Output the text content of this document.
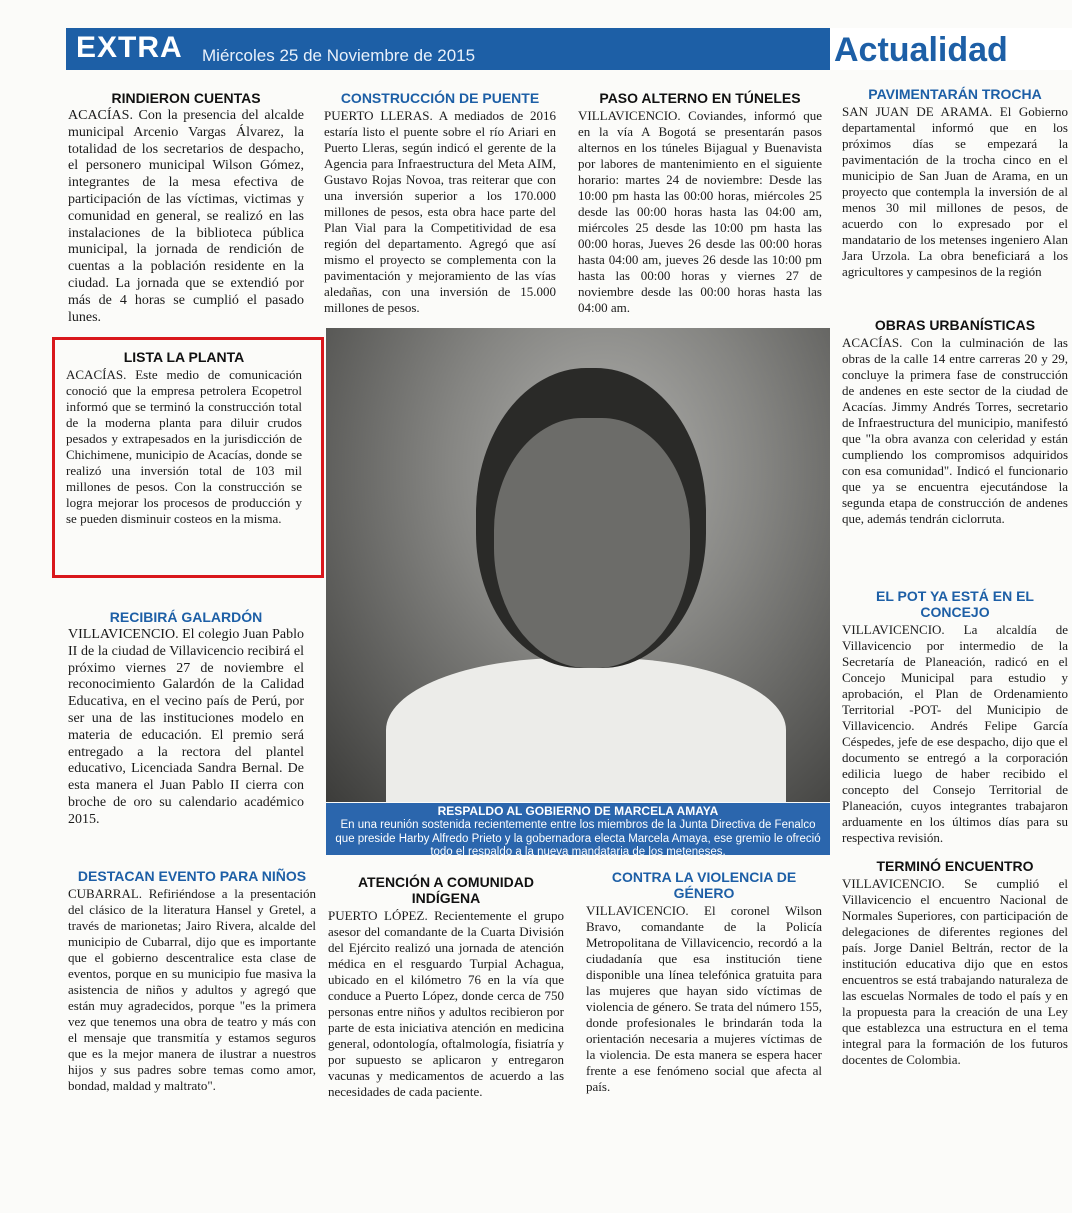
EXTRA Miércoles 25 de Noviembre de 2015	Actualidad
RINDIERON CUENTAS

ACACÍAS. Con la presencia del alcalde municipal Arcenio Vargas Álvarez, la totalidad de los secretarios de despacho, el personero municipal Wilson Gómez, integrantes de la mesa efectiva de participación de las víctimas, victimas y comunidad en general, se realizó en las instalaciones de la biblioteca pública municipal, la jornada de rendición de cuentas a la población residente en la ciudad. La jornada que se extendió por más de 4 horas se cumplió el pasado lunes.

LISTA LA PLANTA

ACACÍAS. Este medio de comunicación conoció que la empresa petrolera Ecopetrol informó que se terminó la construcción total de la moderna planta para diluir crudos pesados y extrapesados en la jurisdicción de Chichimene, municipio de Acacías, donde se realizó una inversión total de 103 mil millones de pesos. Con la construcción se logra mejorar los procesos de producción y se pueden disminuir costeos en la misma.

RECIBIRÁ GALARDÓN

VILLAVICENCIO. El colegio Juan Pablo II de la ciudad de Villavicencio recibirá el próximo viernes 27 de noviembre el reconocimiento Galardón de la Calidad Educativa, en el vecino país de Perú, por ser una de las instituciones modelo en materia de educación. El premio será entregado a la rectora del plantel educativo, Licenciada Sandra Bernal. De esta manera el Juan Pablo II cierra con broche de oro su calendario académico 2015.

DESTACAN EVENTO PARA NIÑOS

CUBARRAL. Refiriéndose a la presentación del clásico de la literatura Hansel y Gretel, a través de marionetas; Jairo Rivera, alcalde del municipio de Cubarral, dijo que es importante que el gobierno descentralice esta clase de eventos, porque en su municipio fue masiva la asistencia de niños y adultos y agregó que están muy agradecidos, porque "es la primera vez que tenemos una obra de teatro y más con el mensaje que transmitía y estamos seguros que es la mejor manera de ilustrar a nuestros hijos y sus padres sobre temas como amor, bondad, maldad y maltrato".

CONSTRUCCIÓN DE PUENTE

PUERTO LLERAS. A mediados de 2016 estaría listo el puente sobre el río Ariari en Puerto Lleras, según indicó el gerente de la Agencia para Infraestructura del Meta AIM, Gustavo Rojas Novoa, tras reiterar que con una inversión superior a los 170.000 millones de pesos, esta obra hace parte del Plan Vial para la Competitividad de esa región del departamento. Agregó que así mismo el proyecto se complementa con la pavimentación y mejoramiento de las vías aledañas, con una inversión de 15.000 millones de pesos.

PASO ALTERNO EN TÚNELES

VILLAVICENCIO. Coviandes, informó que en la vía A Bogotá se presentarán pasos alternos en los túneles Bijagual y Buenavista por labores de mantenimiento en el siguiente horario: martes 24 de noviembre: Desde las 10:00 pm hasta las 00:00 horas, miércoles 25 desde las 00:00 horas hasta las 04:00 am, miércoles 25 desde las 10:00 pm hasta las 00:00 horas, Jueves 26 desde las 00:00 horas hasta 04:00 am, jueves 26 desde las 10:00 pm hasta las 00:00 horas y viernes 27 de noviembre desde las 00:00 horas hasta las 04:00 am.

RESPALDO AL GOBIERNO DE MARCELA AMAYA
En una reunión sostenida recientemente entre los miembros de la Junta Directiva de Fenalco que preside Harby Alfredo Prieto y la gobernadora electa Marcela Amaya, ese gremio le ofreció todo el respaldo a la nueva mandataria de los meteneses.
ATENCIÓN A COMUNIDAD INDÍGENA

PUERTO LÓPEZ. Recientemente el grupo asesor del comandante de la Cuarta División del Ejército realizó una jornada de atención médica en el resguardo Turpial Achagua, ubicado en el kilómetro 76 en la vía que conduce a Puerto López, donde cerca de 750 personas entre niños y adultos recibieron por parte de esta iniciativa atención en medicina general, odontología, oftalmología, fisiatría y por supuesto se aplicaron y entregaron vacunas y medicamentos de acuerdo a las necesidades de cada paciente.

CONTRA LA VIOLENCIA DE GÉNERO

VILLAVICENCIO. El coronel Wilson Bravo, comandante de la Policía Metropolitana de Villavicencio, recordó a la ciudadanía que esa institución tiene disponible una línea telefónica gratuita para las mujeres que hayan sido víctimas de violencia de género. Se trata del número 155, donde profesionales le brindarán toda la orientación necesaria a mujeres víctimas de la violencia. De esta manera se espera hacer frente a ese fenómeno social que afecta al país.

PAVIMENTARÁN TROCHA

SAN JUAN DE ARAMA. El Gobierno departamental informó que en los próximos días se empezará la pavimentación de la trocha cinco en el municipio de San Juan de Arama, en un proyecto que contempla la inversión de al menos 30 mil millones de pesos, de acuerdo con lo expresado por el mandatario de los metenses ingeniero Alan Jara Urzola. La obra beneficiará a los agricultores y campesinos de la región

OBRAS URBANÍSTICAS

ACACÍAS. Con la culminación de las obras de la calle 14 entre carreras 20 y 29, concluye la primera fase de construcción de andenes en este sector de la ciudad de Acacías. Jimmy Andrés Torres, secretario de Infraestructura del municipio, manifestó que "la obra avanza con celeridad y están cumpliendo los compromisos adquiridos con esa comunidad". Indicó el funcionario que ya se encuentra ejecutándose la segunda etapa de construcción de andenes que, además tendrán ciclorruta.

EL POT YA ESTÁ EN EL CONCEJO

VILLAVICENCIO. La alcaldía de Villavicencio por intermedio de la Secretaría de Planeación, radicó en el Concejo Municipal para estudio y aprobación, el Plan de Ordenamiento Territorial -POT- del Municipio de Villavicencio. Andrés Felipe García Céspedes, jefe de ese despacho, dijo que el documento se entregó a la corporación edilicia luego de haber recibido el concepto del Consejo Territorial de Planeación, cuyos integrantes trabajaron arduamente en los últimos días para su respectiva revisión.

TERMINÓ ENCUENTRO

VILLAVICENCIO. Se cumplió el Villavicencio el encuentro Nacional de Normales Superiores, con participación de delegaciones de diferentes regiones del país. Jorge Daniel Beltrán, rector de la institución educativa dijo que en estos encuentros se está trabajando naturaleza de las escuelas Normales de todo el país y en la propuesta para la creación de una Ley que establezca una estructura en el tema integral para la formación de los futuros docentes de Colombia.
